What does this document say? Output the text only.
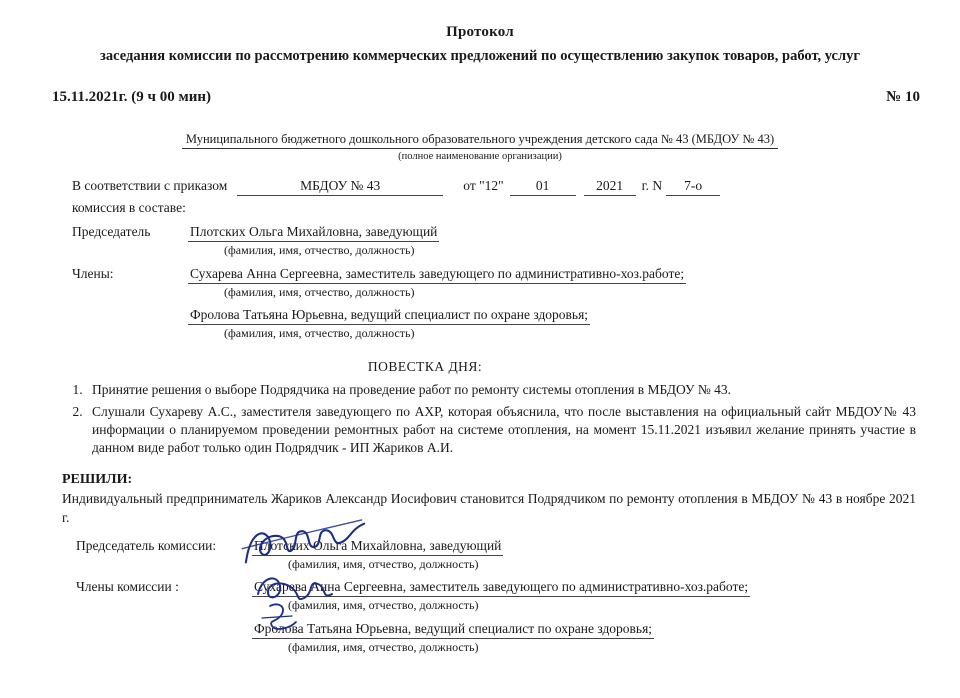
Протокол
заседания комиссии по рассмотрению коммерческих предложений по осуществлению закупок товаров, работ, услуг
15.11.2021г. (9 ч 00 мин)	№ 10
Муниципального бюджетного дошкольного образовательного учреждения детского сада № 43 (МБДОУ № 43)
(полное наименование организации)
В соответствии с приказом	МБДОУ № 43	от "12"	01	2021	г. N	7-о
комиссия в составе:
Председатель	Плотских Ольга Михайловна, заведующий
(фамилия, имя, отчество, должность)
Члены:	Сухарева Анна Сергеевна, заместитель заведующего по административно-хоз.работе;
(фамилия, имя, отчество, должность)
Фролова Татьяна Юрьевна, ведущий специалист по охране здоровья;
(фамилия, имя, отчество, должность)
ПОВЕСТКА ДНЯ:
1. Принятие решения о выборе Подрядчика на проведение работ по ремонту системы отопления в МБДОУ № 43.
2. Слушали Сухареву А.С., заместителя заведующего по АХР, которая объяснила, что после выставления на официальный сайт МБДОУ№ 43 информации о планируемом проведении ремонтных работ на системе отопления, на момент 15.11.2021 изъявил желание принять участие в данном виде работ только один Подрядчик - ИП Жариков А.И.
РЕШИЛИ:
Индивидуальный предприниматель Жариков Александр Иосифович становится Подрядчиком по ремонту отопления в МБДОУ № 43 в ноябре 2021 г.
Председатель комиссии:	Плотских Ольга Михайловна, заведующий
(фамилия, имя, отчество, должность)
Члены комиссии :	Сухарева Анна Сергеевна, заместитель заведующего по административно-хоз.работе;
(фамилия, имя, отчество, должность)
Фролова Татьяна Юрьевна, ведущий специалист по охране здоровья;
(фамилия, имя, отчество, должность)
